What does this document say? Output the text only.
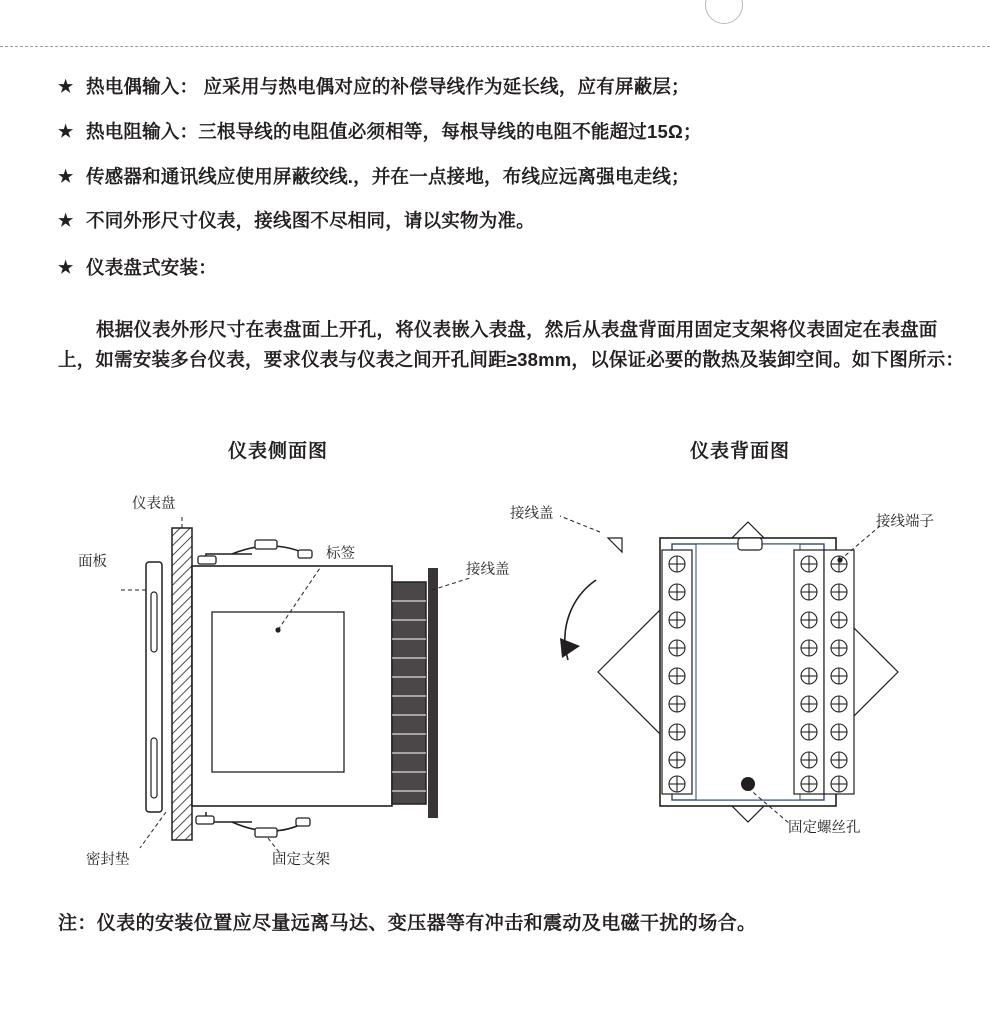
★ 热电偶输入： 应采用与热电偶对应的补偿导线作为延长线，应有屏蔽层；
★ 热电阻输入：三根导线的电阻值必须相等，每根导线的电阻不能超过15Ω；
★ 传感器和通讯线应使用屏蔽绞线.，并在一点接地，布线应远离强电走线；
★ 不同外形尺寸仪表，接线图不尽相同，请以实物为准。
★ 仪表盘式安装：
根据仪表外形尺寸在表盘面上开孔，将仪表嵌入表盘，然后从表盘背面用固定支架将仪表固定在表盘面上，如需安装多台仪表，要求仪表与仪表之间开孔间距≥38mm，以保证必要的散热及装卸空间。如下图所示：
仪表侧面图	仪表背面图
仪表盘
面板	标签
接线盖
密封垫	固定支架
接线盖	接线端子
固定螺丝孔
注：仪表的安装位置应尽量远离马达、变压器等有冲击和震动及电磁干扰的场合。
